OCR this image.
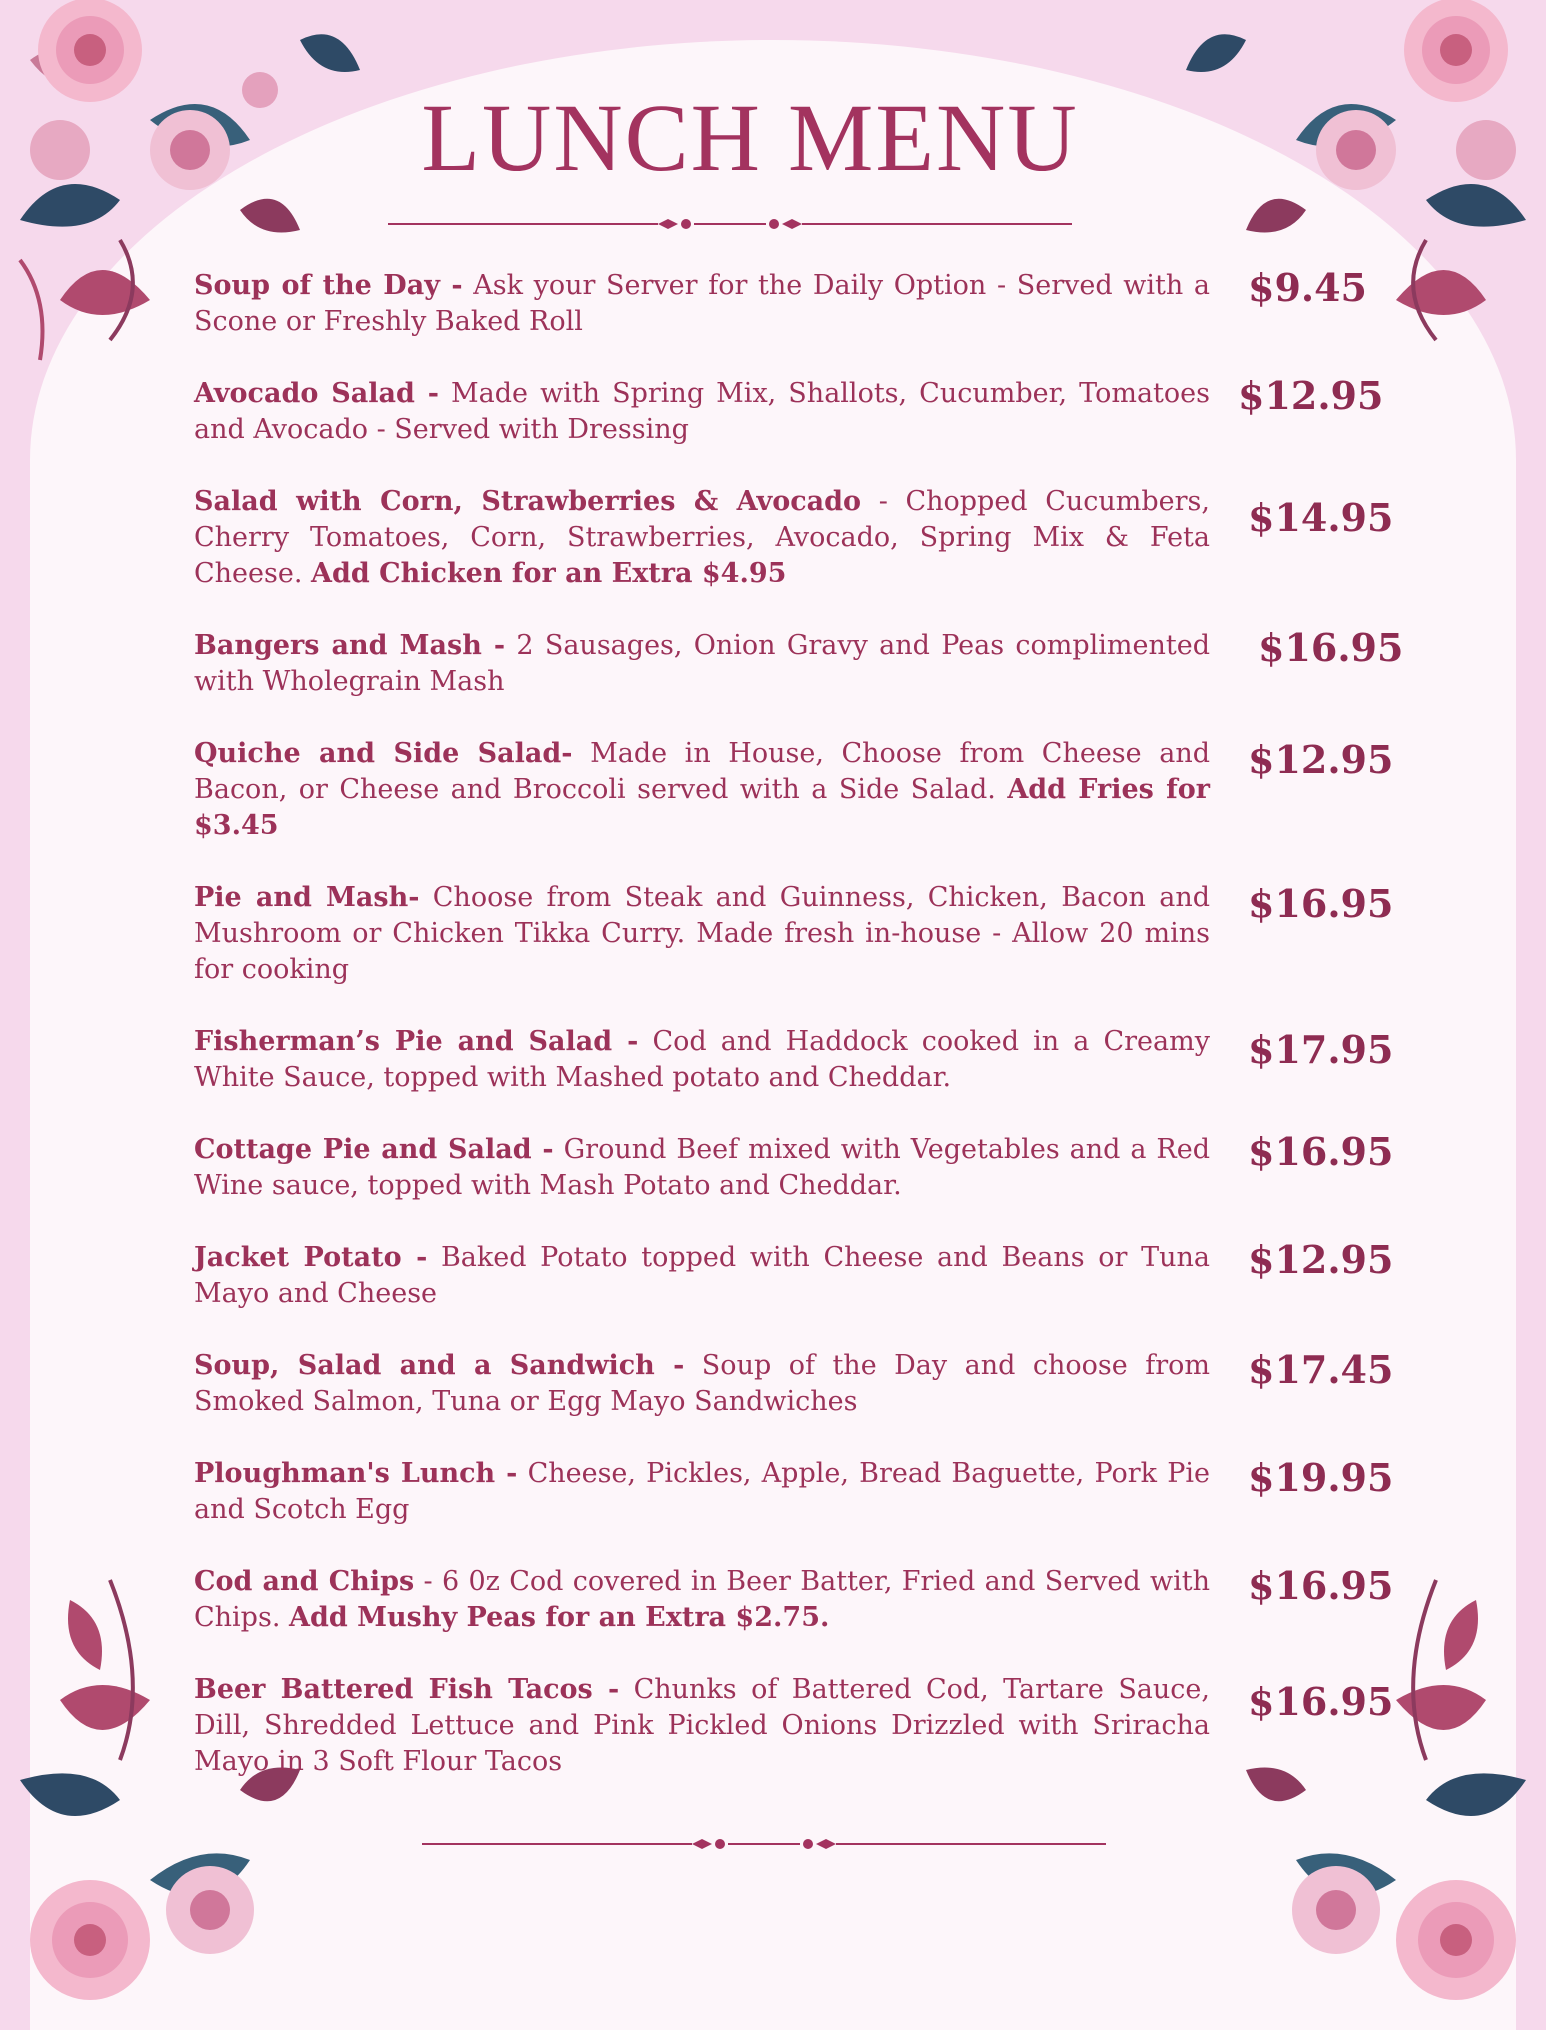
LUNCH MENU
Soup of the Day - Ask your Server for the Daily Option - Served with a Scone or Freshly Baked Roll
$9.45
Avocado Salad - Made with Spring Mix, Shallots, Cucumber, Tomatoes and Avocado - Served with Dressing
$12.95
Salad with Corn, Strawberries & Avocado - Chopped Cucumbers, Cherry Tomatoes, Corn, Strawberries, Avocado, Spring Mix & Feta Cheese. Add Chicken for an Extra $4.95
$14.95
Bangers and Mash - 2 Sausages, Onion Gravy and Peas complimented with Wholegrain Mash
$16.95
Quiche and Side Salad- Made in House, Choose from Cheese and Bacon, or Cheese and Broccoli served with a Side Salad. Add Fries for $3.45
$12.95
Pie and Mash- Choose from Steak and Guinness, Chicken, Bacon and Mushroom or Chicken Tikka Curry. Made fresh in-house - Allow 20 mins for cooking
$16.95
Fisherman’s Pie and Salad - Cod and Haddock cooked in a Creamy White Sauce, topped with Mashed potato and Cheddar.
$17.95
Cottage Pie and Salad - Ground Beef mixed with Vegetables and a Red Wine sauce, topped with Mash Potato and Cheddar.
$16.95
Jacket Potato - Baked Potato topped with Cheese and Beans or Tuna Mayo and Cheese
$12.95
Soup, Salad and a Sandwich - Soup of the Day and choose from Smoked Salmon, Tuna or Egg Mayo Sandwiches
$17.45
Ploughman's Lunch - Cheese, Pickles, Apple, Bread Baguette, Pork Pie and Scotch Egg
$19.95
Cod and Chips - 6 0z Cod covered in Beer Batter, Fried and Served with Chips. Add Mushy Peas for an Extra $2.75.
$16.95
Beer Battered Fish Tacos - Chunks of Battered Cod, Tartare Sauce, Dill, Shredded Lettuce and Pink Pickled Onions Drizzled with Sriracha Mayo in 3 Soft Flour Tacos
$16.95
